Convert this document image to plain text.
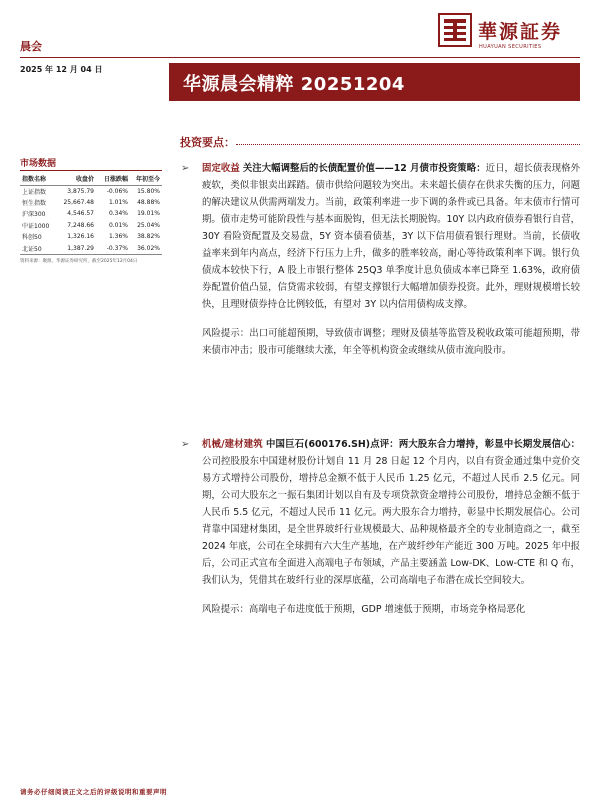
華源証券
HUAYUAN SECURITIES
晨会
2025 年 12 月 04 日
华源晨会精粹 20251204
投资要点：
市场数据
指数名称	收盘价	日涨跌幅	年初至今
上证指数	3,875.79	-0.06%	15.80%
恒生指数	25,667.48	1.01%	48.88%
沪深300	4,546.57	0.34%	19.01%
中证1000	7,248.66	0.01%	25.04%
科创50	1,326.16	1.36%	38.82%
北证50	1,387.29	-0.37%	36.02%
资料来源：聚源、华源证券研究所，截至2025年12月04日
➢ 固定收益 关注大幅调整后的长债配置价值——12 月债市投资策略：近日，超长债表现格外疲软，类似非银卖出踩踏。债市供给问题较为突出。未来超长债存在供求失衡的压力，问题的解决建议从供需两端发力。当前，政策利率进一步下调的条件或已具备。年末债市行情可期。债市走势可能阶段性与基本面脱钩，但无法长期脱钩。10Y 以内政府债券看银行自营，30Y 看险资配置及交易盘，5Y 资本债看债基，3Y 以下信用债看银行理财。当前，长债收益率来到年内高点，经济下行压力上升，做多的胜率较高，耐心等待政策利率下调。银行负债成本较快下行，A 股上市银行整体 25Q3 单季度计息负债成本率已降至 1.63%，政府债券配置价值凸显，信贷需求较弱，有望支撑银行大幅增加债券投资。此外，理财规模增长较快，且理财债券持仓比例较低，有望对 3Y 以内信用债构成支撑。
风险提示：出口可能超预期，导致债市调整；理财及债基等监管及税收政策可能超预期，带来债市冲击；股市可能继续大涨，年全等机构资金或继续从债市流向股市。
➢ 机械/建材建筑 中国巨石(600176.SH)点评：两大股东合力增持，彰显中长期发展信心：公司控股股东中国建材股份计划自 11 月 28 日起 12 个月内，以自有资金通过集中竞价交易方式增持公司股份，增持总金额不低于人民币 1.25 亿元，不超过人民币 2.5 亿元。同期，公司大股东之一振石集团计划以自有及专项贷款资金增持公司股份，增持总金额不低于人民币 5.5 亿元，不超过人民币 11 亿元。两大股东合力增持，彰显中长期发展信心。公司背靠中国建材集团，是全世界玻纤行业规模最大、品种规格最齐全的专业制造商之一，截至 2024 年底，公司在全球拥有六大生产基地，在产玻纤纱年产能近 300 万吨。2025 年中报后，公司正式宣布全面进入高端电子布领域，产品主要涵盖 Low-DK、Low-CTE 和 Q 布，我们认为，凭借其在玻纤行业的深厚底蕴，公司高端电子布潜在成长空间较大。
风险提示：高端电子布进度低于预期，GDP 增速低于预期，市场竞争格局恶化
请务必仔细阅读正文之后的评级说明和重要声明
